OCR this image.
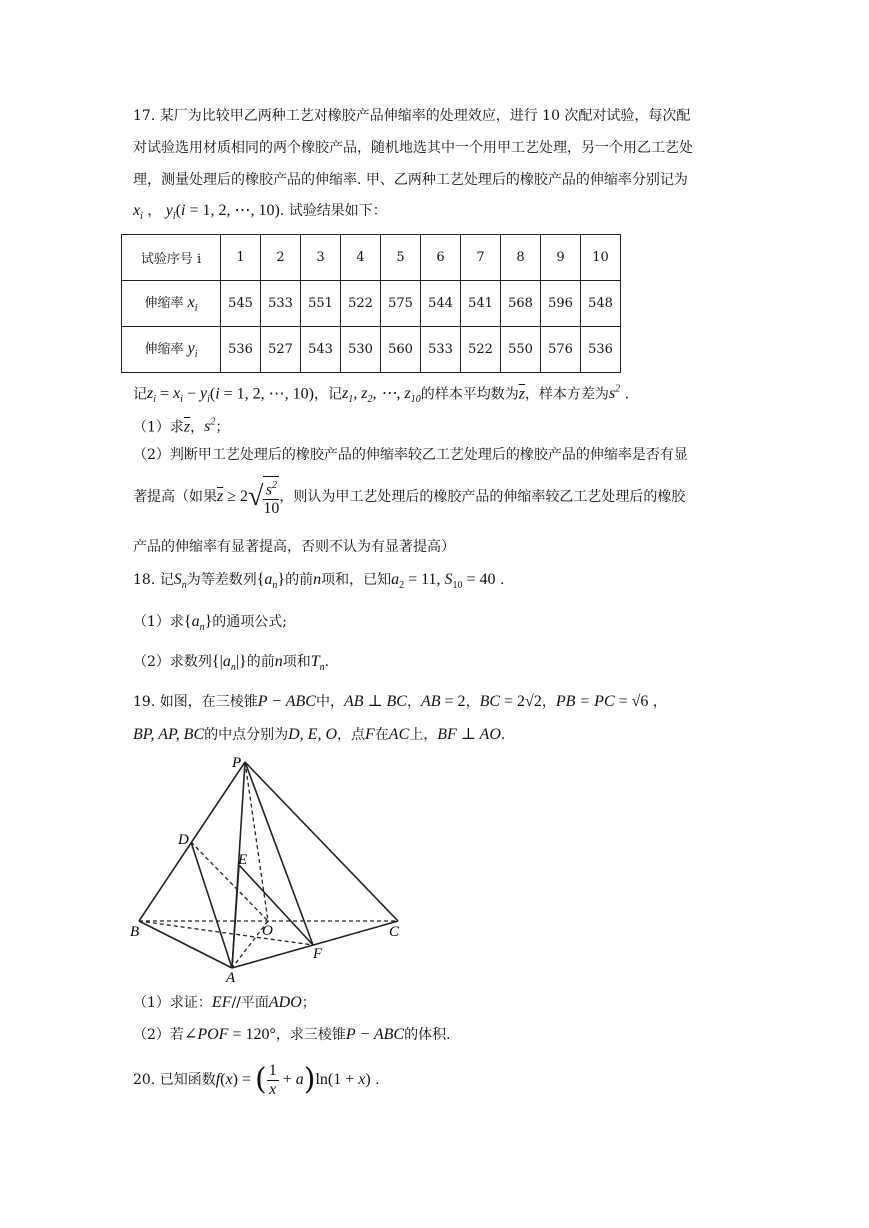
17. 某厂为比较甲乙两种工艺对橡胶产品伸缩率的处理效应，进行 10 次配对试验，每次配
对试验选用材质相同的两个橡胶产品，随机地选其中一个用甲工艺处理，另一个用乙工艺处
理，测量处理后的橡胶产品的伸缩率. 甲、乙两种工艺处理后的橡胶产品的伸缩率分别记为
$x_i$ ， $y_i(i = 1$, 2, ⋯, 10). 试验结果如下：
试验序号 i	1	2	3	4	5	6	7	8	9	10
伸缩率 $x_i$	545	533	551	522	575	544	541	568	596	548
伸缩率 $y_i$	536	527	543	530	560	533	522	550	576	536
记$z_i = x_i - y_i(i = 1$, 2, ⋯, 10)，记$z_1$, $z_2$, ⋯, $z_{10}$的样本平均数为$\overline{z}$，样本方差为$s^2$ .
（1）求$\overline{z}$，$s^2$；
（2）判断甲工艺处理后的橡胶产品的伸缩率较乙工艺处理后的橡胶产品的伸缩率是否有显
著提高（如果$\overline{z} \ge 2√ \frac{s^2}{10}$ ，则认为甲工艺处理后的橡胶产品的伸缩率较乙工艺处理后的橡胶
产品的伸缩率有显著提高，否则不认为有显著提高）
18. 记$S_n$为等差数列$\{a_n\}$的前n项和，已知$a_2 = 11$, $S_{10} = 40$ .
（1）求$\{a_n\}$的通项公式;
（2）求数列$\{|a_n|\}$的前n项和$T_n$.
19. 如图，在三棱锥P − ABC中，AB ⊥ BC，AB = 2，BC = 2√2，PB = PC = √6 ，
BP, AP, BC的中点分别为D, E, O，点F在AC上，BF ⊥ AO.
P
D
E
B	O	C
F
A
（1）求证：EF//平面ADO；
（2）若∠POF = 120°，求三棱锥P − ABC的体积.
20. 已知函数f(x) = ( $\frac{1}{x} + a)\ln(1 + x)$ .
